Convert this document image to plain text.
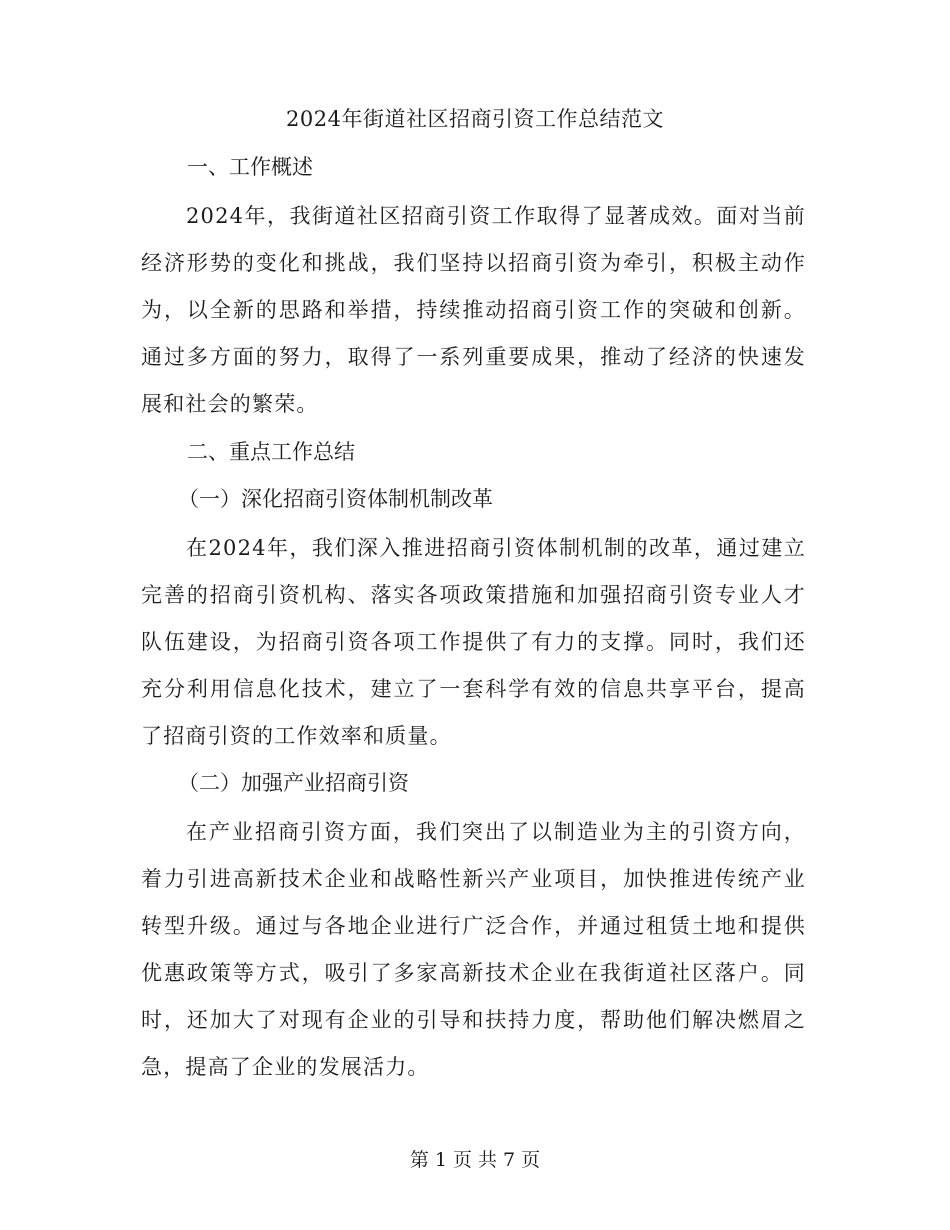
2024年街道社区招商引资工作总结范文
一、工作概述
2024年，我街道社区招商引资工作取得了显著成效。面对当前经济形势的变化和挑战，我们坚持以招商引资为牵引，积极主动作为，以全新的思路和举措，持续推动招商引资工作的突破和创新。通过多方面的努力，取得了一系列重要成果，推动了经济的快速发展和社会的繁荣。
二、重点工作总结
（一）深化招商引资体制机制改革
在2024年，我们深入推进招商引资体制机制的改革，通过建立完善的招商引资机构、落实各项政策措施和加强招商引资专业人才队伍建设，为招商引资各项工作提供了有力的支撑。同时，我们还充分利用信息化技术，建立了一套科学有效的信息共享平台，提高了招商引资的工作效率和质量。
（二）加强产业招商引资
在产业招商引资方面，我们突出了以制造业为主的引资方向，着力引进高新技术企业和战略性新兴产业项目，加快推进传统产业转型升级。通过与各地企业进行广泛合作，并通过租赁土地和提供优惠政策等方式，吸引了多家高新技术企业在我街道社区落户。同时，还加大了对现有企业的引导和扶持力度，帮助他们解决燃眉之急，提高了企业的发展活力。
第 1 页 共 7 页
